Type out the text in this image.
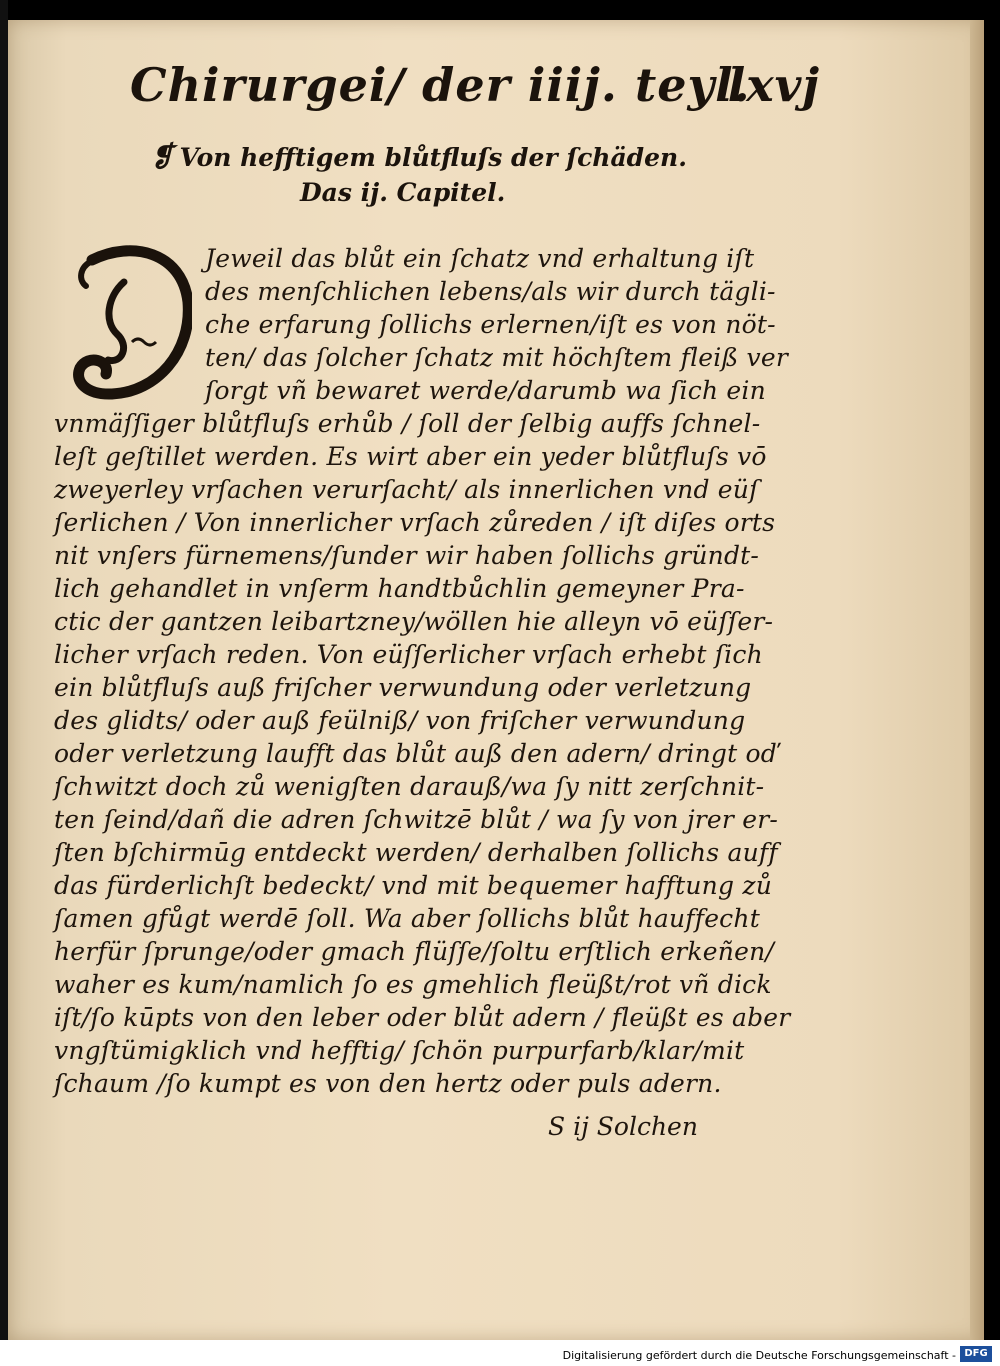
Chirurgei/ der iiij. teyl.
lxvj
❡ Von hefftigem blůtfluſs der ſchäden.
Das ij. Capitel.
Jeweil das blůt ein ſchatz vnd erhaltung iſt
des menſchlichen lebens/als wir durch tägli‑
che erfarung ſollichs erlernen/iſt es von nöt‑
ten/ das ſolcher ſchatz mit höchſtem fleiß ver
ſorgt vñ bewaret werde/darumb wa ſich ein
vnmäſſiger blůtfluſs erhůb / ſoll der ſelbig auffs ſchnel‑
leſt geſtillet werden. Es wirt aber ein yeder blůtfluſs vō
zweyerley vrſachen verurſacht/ als innerlichen vnd eüſ
ſerlichen / Von innerlicher vrſach zůreden / iſt diſes orts
nit vnſers fürnemens/ſunder wir haben ſollichs gründt‑
lich gehandlet in vnſerm handtbůchlin gemeyner Pra‑
ctic der gantzen leibartzney/wöllen hie alleyn vō eüſſer‑
licher vrſach reden. Von eüſſerlicher vrſach erhebt ſich
ein blůtfluſs auß friſcher verwundung oder verletzung
des glidts/ oder auß feülniß/ von friſcher verwundung
oder verletzung laufft das blůt auß den adern/ dringt oď
ſchwitzt doch zů wenigſten darauß/wa ſy nitt zerſchnit‑
ten ſeind/dañ die adren ſchwitzē blůt / wa ſy von jrer er‑
ſten bſchirmūg entdeckt werden/ derhalben ſollichs auff
das fürderlichſt bedeckt/ vnd mit bequemer hafftung zů
ſamen gfůgt werdē ſoll. Wa aber ſollichs blůt hauffecht
herfür ſprunge/oder gmach flüſſe/ſoltu erſtlich erkeñen/
waher es kum/namlich ſo es gmehlich fleüßt/rot vñ dick
iſt/ſo kūpts von den leber oder blůt adern / fleüßt es aber
vngſtümigklich vnd hefftig/ ſchön purpurfarb/klar/mit
ſchaum /ſo kumpt es von den hertz oder puls adern.
S ij Solchen
Digitalisierung gefördert durch die Deutsche Forschungsgemeinschaft - DFG
